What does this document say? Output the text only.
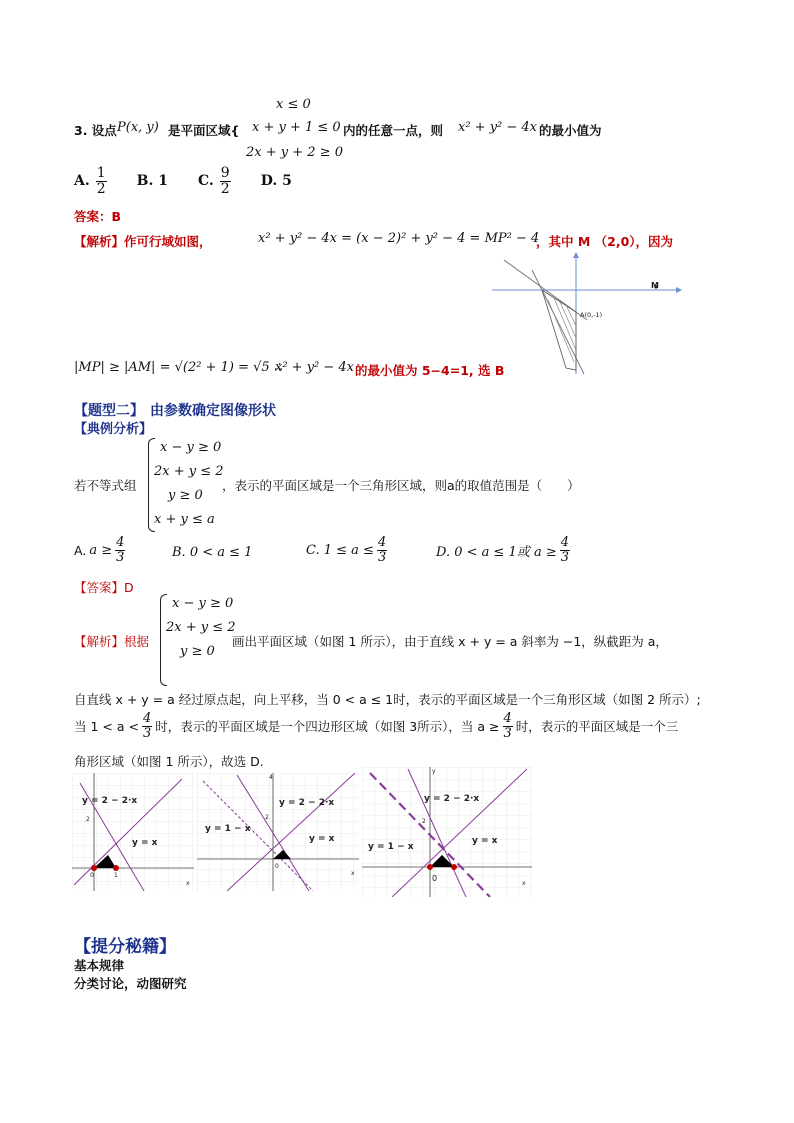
x ≤ 0
3. 设点 P(x, y) 是平面区域{ x + y + 1 ≤ 0 内的任意一点，则 x² + y² − 4x 的最小值为
2x + y + 2 ≥ 0
A. $\frac{1}{2} B$. 1 C. $\frac{9}{2} D$. 5
答案：B
【解析】作可行域如图，	x² + y² − 4x = (x − 2)² + y² − 4 = MP² − 4
，其中 M （2,0），因为
M
A(0,-1)
|MP| ≥ |AM| = √(2² + 1) = √5 ∴
x² + y² − 4x 的最小值为 5−4=1, 选 B
【题型二】 由参数确定图像形状
【典例分析】
若不等式组
x − y ≥ 0
2x + y ≤ 2
y ≥ 0
x + y ≤ a
，表示的平面区域是一个三角形区域，则a的取值范围是（　　）
A. $a \ge \frac{4}{3}$	B. 0 < a ≤ 1	C. $1 \le a \le \frac{4}{3}$	D. 0 < a ≤ 1或 $a \ge \frac{4}{3}$
【答案】D
【解析】根据
x − y ≥ 0
2x + y ≤ 2
y ≥ 0
画出平面区域（如图 1 所示），由于直线 x + y = a 斜率为 −1，纵截距为 a，
自直线 x + y = a 经过原点起，向上平移，当 0 < a ≤ 1时，表示的平面区域是一个三角形区域（如图 2 所示）;
当 $1 < a < \frac{4}{3}$ 时，表示的平面区域是一个四边形区域（如图 3所示），当 $a \ge \frac{4}{3}$ 时，表示的平面区域是一个三
角形区域（如图 1 所示），故选 D.
y = 2 − 2·x
y = x
2
0	1
x
4
2
0
y = 2 − 2·x
y = 1 − x
y = x
x
y
2
0
y = 2 − 2·x
y = 1 − x
y = x
x
【提分秘籍】
基本规律
分类讨论，动图研究
